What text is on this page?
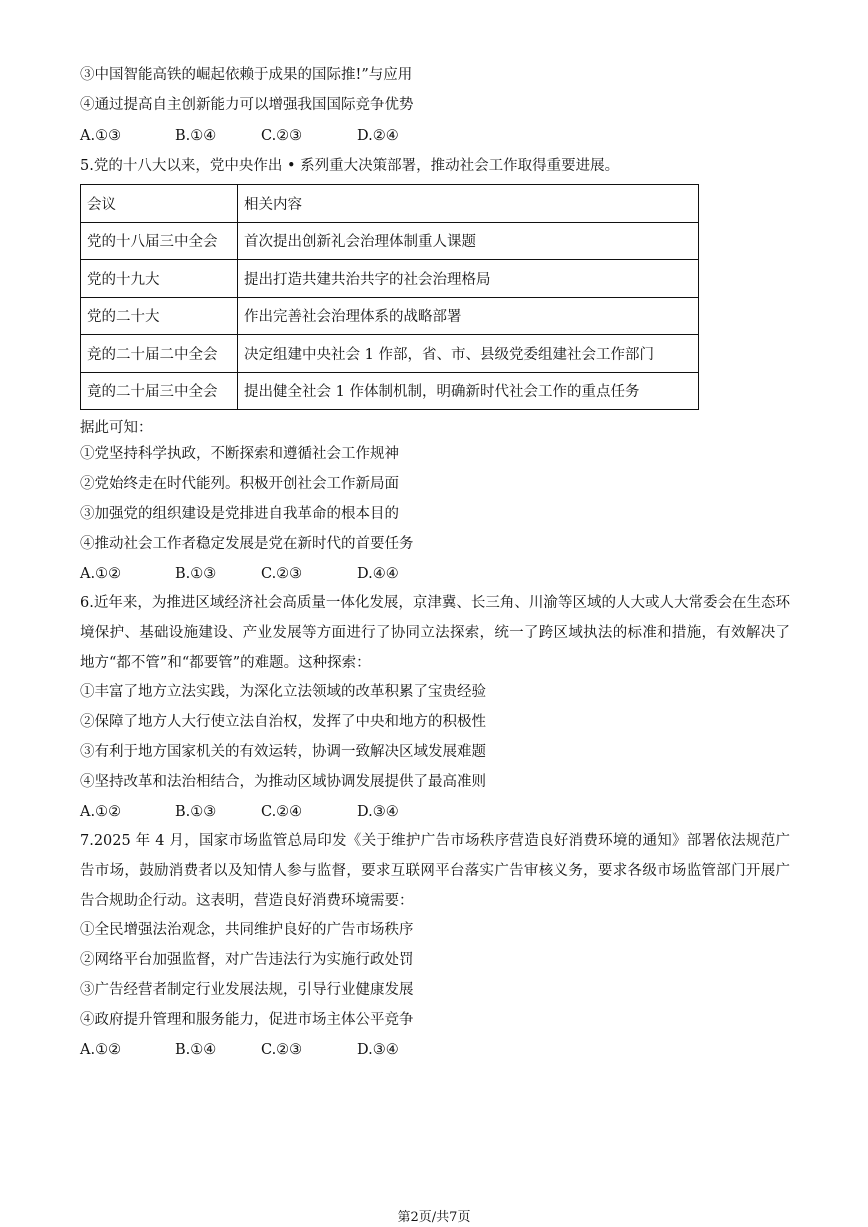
③中国智能高铁的崛起依赖于成果的国际推!”与应用
④通过提高自主创新能力可以增强我国国际竞争优势
A.①③	B.①④	C.②③	D.②④
5.党的十八大以来，党中央作出 • 系列重大决策部署，推动社会工作取得重要进展。
会议	相关内容
党的十八届三中全会	首次提出创新礼会治理体制重人课题
党的十九大	提出打造共建共治共字的社会治理格局
党的二十大	作出完善社会治理体系的战略部署
竞的二十届二中全会	决定组建中央社会 1 作部，省、市、县级党委组建社会工作部门
竟的二十届三中全会	提出健全社会 1 作体制机制，明确新时代社会工作的重点任务
据此可知：
①党坚持科学执政，不断探索和遵循社会工作规神
②党始终走在时代能列。积极开创社会工作新局面
③加强党的组织建设是党排进自我革命的根本目的
④推动社会工作者稳定发展是党在新时代的首要任务
A.①②	B.①③	C.②③	D.④④
6.近年来，为推进区域经济社会高质量一体化发展，京津冀、长三角、川渝等区域的人大或人大常委会在生态环境保护、基础设施建设、产业发展等方面进行了协同立法探索，统一了跨区域执法的标准和措施，有效解决了地方“都不管”和“都要管”的难题。这种探索：
①丰富了地方立法实践，为深化立法领域的改革积累了宝贵经验
②保障了地方人大行使立法自治权，发挥了中央和地方的积极性
③有利于地方国家机关的有效运转，协调一致解决区域发展难题
④坚持改革和法治相结合，为推动区域协调发展提供了最高准则
A.①②	B.①③	C.②④	D.③④
7.2025 年 4 月，国家市场监管总局印发《关于维护广告市场秩序营造良好消费环境的通知》部署依法规范广告市场，鼓励消费者以及知情人参与监督，要求互联网平台落实广告审核义务，要求各级市场监管部门开展广告合规助企行动。这表明，营造良好消费环境需要：
①全民增强法治观念，共同维护良好的广告市场秩序
②网络平台加强监督，对广告违法行为实施行政处罚
③广告经营者制定行业发展法规，引导行业健康发展
④政府提升管理和服务能力，促进市场主体公平竞争
A.①②	B.①④	C.②③	D.③④
第2页/共7页
